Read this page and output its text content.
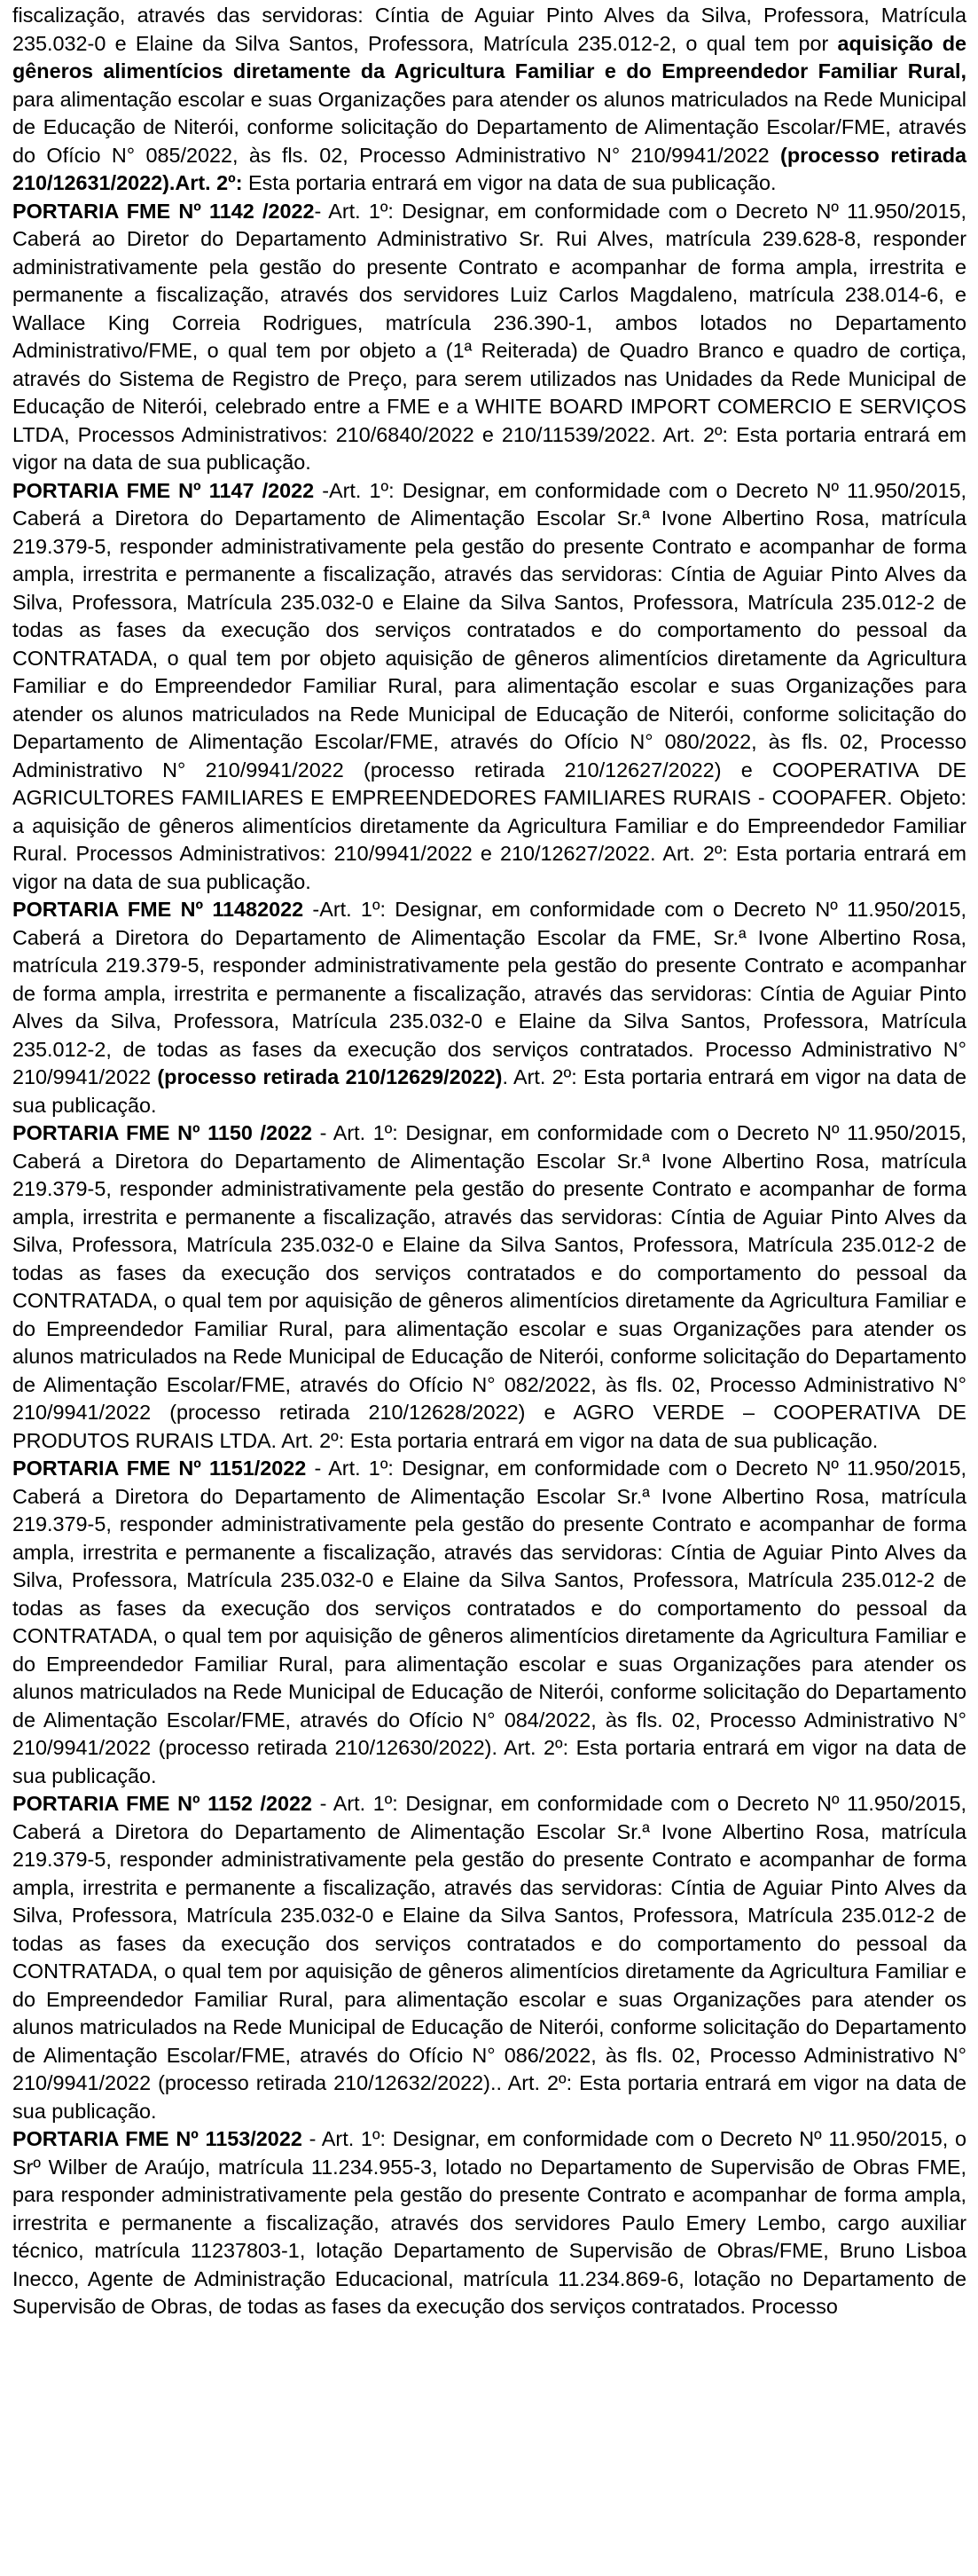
fiscalização, através das servidoras: Cíntia de Aguiar Pinto Alves da Silva, Professora, Matrícula 235.032-0 e Elaine da Silva Santos, Professora, Matrícula 235.012-2, o qual tem por aquisição de gêneros alimentícios diretamente da Agricultura Familiar e do Empreendedor Familiar Rural, para alimentação escolar e suas Organizações para atender os alunos matriculados na Rede Municipal de Educação de Niterói, conforme solicitação do Departamento de Alimentação Escolar/FME, através do Ofício N° 085/2022, às fls. 02, Processo Administrativo N° 210/9941/2022 (processo retirada 210/12631/2022).Art. 2º: Esta portaria entrará em vigor na data de sua publicação.

PORTARIA FME Nº 1142 /2022- Art. 1º: Designar, em conformidade com o Decreto Nº 11.950/2015, Caberá ao Diretor do Departamento Administrativo Sr. Rui Alves, matrícula 239.628-8, responder administrativamente pela gestão do presente Contrato e acompanhar de forma ampla, irrestrita e permanente a fiscalização, através dos servidores Luiz Carlos Magdaleno, matrícula 238.014-6, e Wallace King Correia Rodrigues, matrícula 236.390-1, ambos lotados no Departamento Administrativo/FME, o qual tem por objeto a (1ª Reiterada) de Quadro Branco e quadro de cortiça, através do Sistema de Registro de Preço, para serem utilizados nas Unidades da Rede Municipal de Educação de Niterói, celebrado entre a FME e a WHITE BOARD IMPORT COMERCIO E SERVIÇOS LTDA, Processos Administrativos: 210/6840/2022 e 210/11539/2022. Art. 2º: Esta portaria entrará em vigor na data de sua publicação.

PORTARIA FME Nº 1147 /2022 -Art. 1º: Designar, em conformidade com o Decreto Nº 11.950/2015, Caberá a Diretora do Departamento de Alimentação Escolar Sr.ª Ivone Albertino Rosa, matrícula 219.379-5, responder administrativamente pela gestão do presente Contrato e acompanhar de forma ampla, irrestrita e permanente a fiscalização, através das servidoras: Cíntia de Aguiar Pinto Alves da Silva, Professora, Matrícula 235.032-0 e Elaine da Silva Santos, Professora, Matrícula 235.012-2 de todas as fases da execução dos serviços contratados e do comportamento do pessoal da CONTRATADA, o qual tem por objeto aquisição de gêneros alimentícios diretamente da Agricultura Familiar e do Empreendedor Familiar Rural, para alimentação escolar e suas Organizações para atender os alunos matriculados na Rede Municipal de Educação de Niterói, conforme solicitação do Departamento de Alimentação Escolar/FME, através do Ofício N° 080/2022, às fls. 02, Processo Administrativo N° 210/9941/2022 (processo retirada 210/12627/2022) e COOPERATIVA DE AGRICULTORES FAMILIARES E EMPREENDEDORES FAMILIARES RURAIS - COOPAFER. Objeto: a aquisição de gêneros alimentícios diretamente da Agricultura Familiar e do Empreendedor Familiar Rural. Processos Administrativos: 210/9941/2022 e 210/12627/2022. Art. 2º: Esta portaria entrará em vigor na data de sua publicação.

PORTARIA FME Nº 11482022 -Art. 1º: Designar, em conformidade com o Decreto Nº 11.950/2015, Caberá a Diretora do Departamento de Alimentação Escolar da FME, Sr.ª Ivone Albertino Rosa, matrícula 219.379-5, responder administrativamente pela gestão do presente Contrato e acompanhar de forma ampla, irrestrita e permanente a fiscalização, através das servidoras: Cíntia de Aguiar Pinto Alves da Silva, Professora, Matrícula 235.032-0 e Elaine da Silva Santos, Professora, Matrícula 235.012-2, de todas as fases da execução dos serviços contratados. Processo Administrativo N° 210/9941/2022 (processo retirada 210/12629/2022). Art. 2º: Esta portaria entrará em vigor na data de sua publicação.

PORTARIA FME Nº 1150 /2022 - Art. 1º: Designar, em conformidade com o Decreto Nº 11.950/2015, Caberá a Diretora do Departamento de Alimentação Escolar Sr.ª Ivone Albertino Rosa, matrícula 219.379-5, responder administrativamente pela gestão do presente Contrato e acompanhar de forma ampla, irrestrita e permanente a fiscalização, através das servidoras: Cíntia de Aguiar Pinto Alves da Silva, Professora, Matrícula 235.032-0 e Elaine da Silva Santos, Professora, Matrícula 235.012-2 de todas as fases da execução dos serviços contratados e do comportamento do pessoal da CONTRATADA, o qual tem por aquisição de gêneros alimentícios diretamente da Agricultura Familiar e do Empreendedor Familiar Rural, para alimentação escolar e suas Organizações para atender os alunos matriculados na Rede Municipal de Educação de Niterói, conforme solicitação do Departamento de Alimentação Escolar/FME, através do Ofício N° 082/2022, às fls. 02, Processo Administrativo N° 210/9941/2022 (processo retirada 210/12628/2022) e AGRO VERDE – COOPERATIVA DE PRODUTOS RURAIS LTDA. Art. 2º: Esta portaria entrará em vigor na data de sua publicação.

PORTARIA FME Nº 1151/2022 - Art. 1º: Designar, em conformidade com o Decreto Nº 11.950/2015, Caberá a Diretora do Departamento de Alimentação Escolar Sr.ª Ivone Albertino Rosa, matrícula 219.379-5, responder administrativamente pela gestão do presente Contrato e acompanhar de forma ampla, irrestrita e permanente a fiscalização, através das servidoras: Cíntia de Aguiar Pinto Alves da Silva, Professora, Matrícula 235.032-0 e Elaine da Silva Santos, Professora, Matrícula 235.012-2 de todas as fases da execução dos serviços contratados e do comportamento do pessoal da CONTRATADA, o qual tem por aquisição de gêneros alimentícios diretamente da Agricultura Familiar e do Empreendedor Familiar Rural, para alimentação escolar e suas Organizações para atender os alunos matriculados na Rede Municipal de Educação de Niterói, conforme solicitação do Departamento de Alimentação Escolar/FME, através do Ofício N° 084/2022, às fls. 02, Processo Administrativo N° 210/9941/2022 (processo retirada 210/12630/2022). Art. 2º: Esta portaria entrará em vigor na data de sua publicação.

PORTARIA FME Nº 1152 /2022 - Art. 1º: Designar, em conformidade com o Decreto Nº 11.950/2015, Caberá a Diretora do Departamento de Alimentação Escolar Sr.ª Ivone Albertino Rosa, matrícula 219.379-5, responder administrativamente pela gestão do presente Contrato e acompanhar de forma ampla, irrestrita e permanente a fiscalização, através das servidoras: Cíntia de Aguiar Pinto Alves da Silva, Professora, Matrícula 235.032-0 e Elaine da Silva Santos, Professora, Matrícula 235.012-2 de todas as fases da execução dos serviços contratados e do comportamento do pessoal da CONTRATADA, o qual tem por aquisição de gêneros alimentícios diretamente da Agricultura Familiar e do Empreendedor Familiar Rural, para alimentação escolar e suas Organizações para atender os alunos matriculados na Rede Municipal de Educação de Niterói, conforme solicitação do Departamento de Alimentação Escolar/FME, através do Ofício N° 086/2022, às fls. 02, Processo Administrativo N° 210/9941/2022 (processo retirada 210/12632/2022).. Art. 2º: Esta portaria entrará em vigor na data de sua publicação.

PORTARIA FME Nº 1153/2022 - Art. 1º: Designar, em conformidade com o Decreto Nº 11.950/2015, o Srº Wilber de Araújo, matrícula 11.234.955-3, lotado no Departamento de Supervisão de Obras FME, para responder administrativamente pela gestão do presente Contrato e acompanhar de forma ampla, irrestrita e permanente a fiscalização, através dos servidores Paulo Emery Lembo, cargo auxiliar técnico, matrícula 11237803-1, lotação Departamento de Supervisão de Obras/FME, Bruno Lisboa Inecco, Agente de Administração Educacional, matrícula 11.234.869-6, lotação no Departamento de Supervisão de Obras, de todas as fases da execução dos serviços contratados. Processo
